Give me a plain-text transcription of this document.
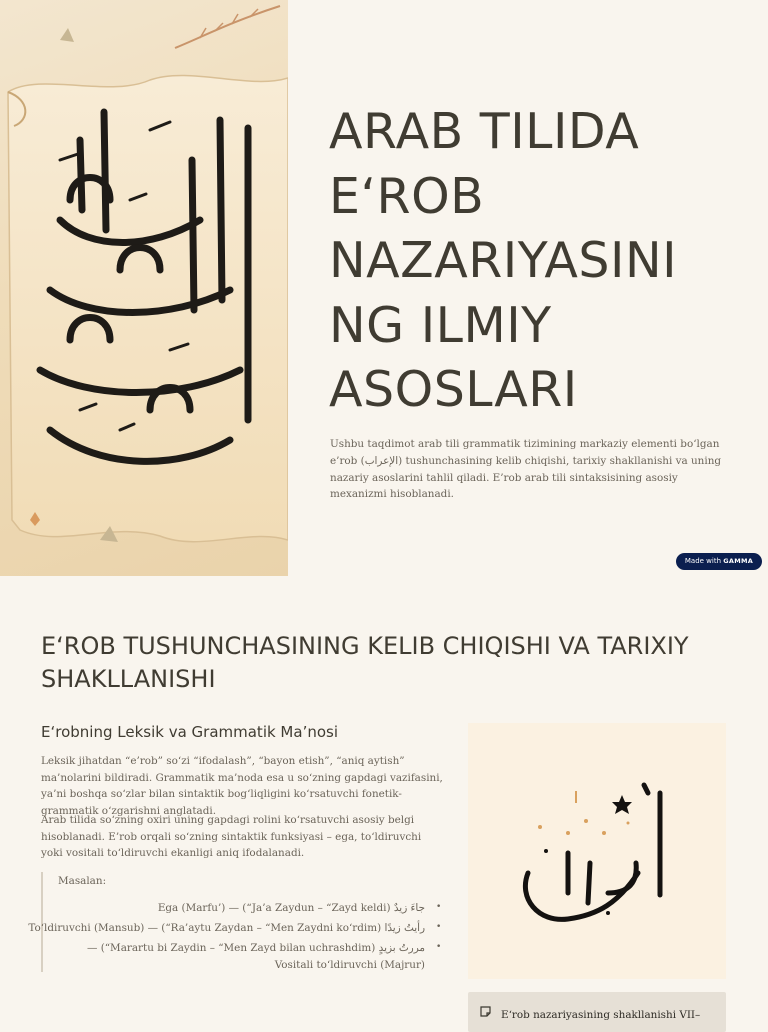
ARAB TILIDA
E‘ROB
NAZARIYASINI
NG ILMIY
ASOSLARI

Ushbu taqdimot arab tili grammatik tizimining markaziy elementi bo‘lgan e’rob (الإعراب) tushunchasining kelib chiqishi, tarixiy shakllanishi va uning nazariy asoslarini tahlil qiladi. E’rob arab tili sintaksisining asosiy mexanizmi hisoblanadi.

Made with GAMMA
E‘ROB TUSHUNCHASINING KELIB CHIQISHI VA TARIXIY SHAKLLANISHI
E‘robning Leksik va Grammatik Ma’nosi

Leksik jihatdan “e’rob” so‘zi “ifodalash”, “bayon etish”, “aniq aytish” ma’nolarini bildiradi. Grammatik ma’noda esa u so‘zning gapdagi vazifasini, ya’ni boshqa so‘zlar bilan sintaktik bog‘liqligini ko‘rsatuvchi fonetik-grammatik o‘zgarishni anglatadi.

Arab tilida so‘zning oxiri uning gapdagi rolini ko‘rsatuvchi asosiy belgi hisoblanadi. E’rob orqali so‘zning sintaktik funksiyasi – ega, to‘ldiruvchi yoki vositali to‘ldiruvchi ekanligi aniq ifodalanadi.

Masalan:

Ega (Marfu’) — (“Ja’a Zaydun – “Zayd keldi) جاءَ زيدٌ

To‘ldiruvchi (Mansub) — (“Ra’aytu Zaydan – “Men Zaydni ko‘rdim) رأيتُ زيدًا

— (“Marartu bi Zaydin – “Men Zayd bilan uchrashdim) مررتُ بزيدٍ

Vositali to‘ldiruvchi (Majrur)

•
•
•

E‘rob nazariyasining shakllanishi VII–
